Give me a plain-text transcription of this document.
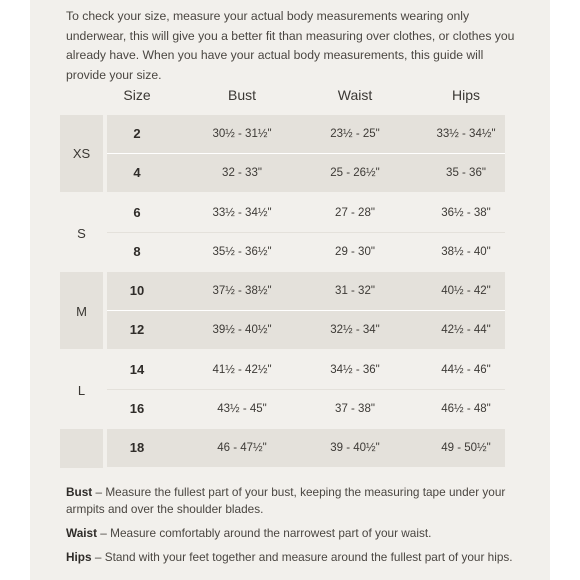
To check your size, measure your actual body measurements wearing only underwear, this will give you a better fit than measuring over clothes, or clothes you already have. When you have your actual body measurements, this guide will provide your size.

Size	Bust	Waist	Hips
XS
2	30½ - 31½"	23½ - 25"	33½ - 34½"
4	32 - 33"	25 - 26½"	35 - 36"
S
6	33½ - 34½"	27 - 28"	36½ - 38"
8	35½ - 36½"	29 - 30"	38½ - 40"
M
10	37½ - 38½"	31 - 32"	40½ - 42"
12	39½ - 40½"	32½ - 34"	42½ - 44"
L
14	41½ - 42½"	34½ - 36"	44½ - 46"
16	43½ - 45"	37 - 38"	46½ - 48"
18	46 - 47½"	39 - 40½"	49 - 50½"

Bust – Measure the fullest part of your bust, keeping the measuring tape under your armpits and over the shoulder blades.

Waist – Measure comfortably around the narrowest part of your waist.

Hips – Stand with your feet together and measure around the fullest part of your hips.
